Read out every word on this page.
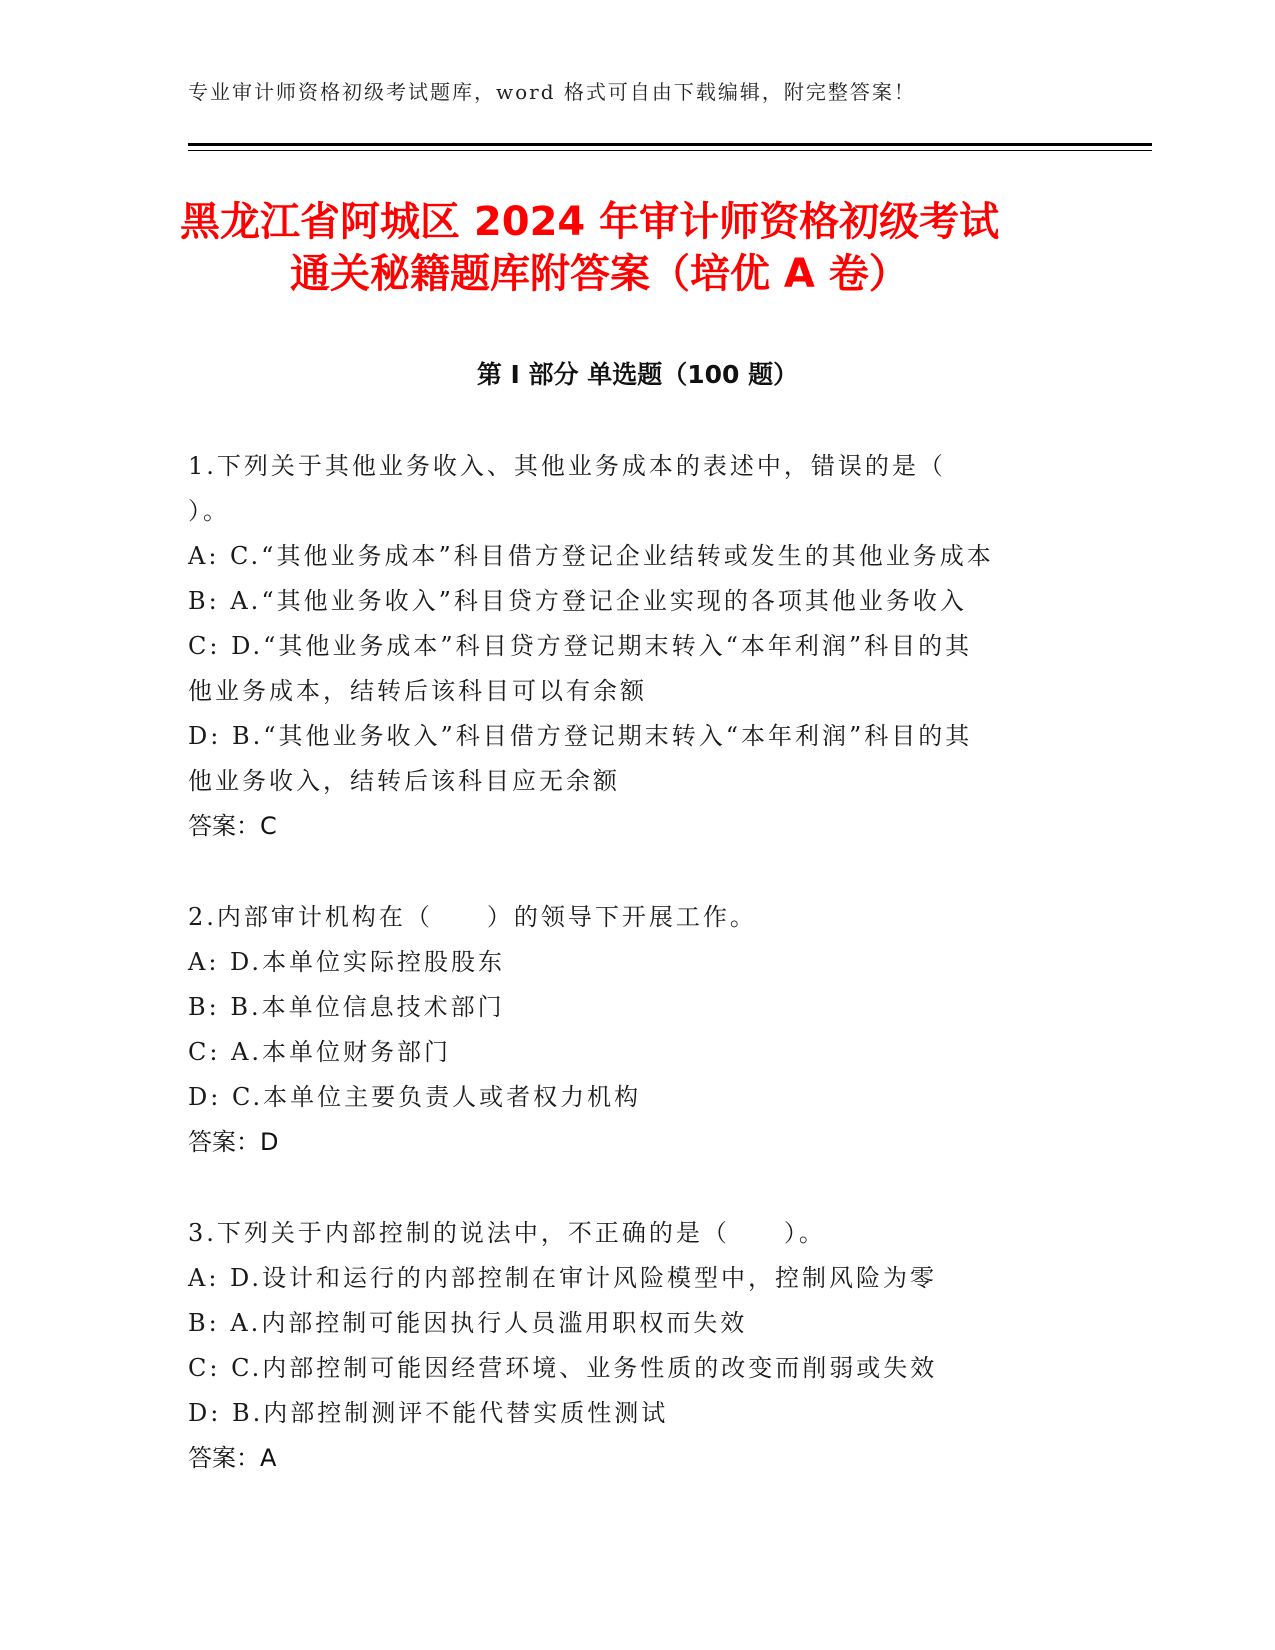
专业审计师资格初级考试题库，word 格式可自由下载编辑，附完整答案！
黑龙江省阿城区 2024 年审计师资格初级考试
通关秘籍题库附答案（培优 A 卷）
第 I 部分 单选题（100 题）
1.下列关于其他业务收入、其他业务成本的表述中，错误的是（
）。
A: C.“其他业务成本”科目借方登记企业结转或发生的其他业务成本
B: A.“其他业务收入”科目贷方登记企业实现的各项其他业务收入
C: D.“其他业务成本”科目贷方登记期末转入“本年利润”科目的其
他业务成本，结转后该科目可以有余额
D: B.“其他业务收入”科目借方登记期末转入“本年利润”科目的其
他业务收入，结转后该科目应无余额
答案：C
2.内部审计机构在（　　）的领导下开展工作。
A: D.本单位实际控股股东
B: B.本单位信息技术部门
C: A.本单位财务部门
D: C.本单位主要负责人或者权力机构
答案：D
3.下列关于内部控制的说法中，不正确的是（　　）。
A: D.设计和运行的内部控制在审计风险模型中，控制风险为零
B: A.内部控制可能因执行人员滥用职权而失效
C: C.内部控制可能因经营环境、业务性质的改变而削弱或失效
D: B.内部控制测评不能代替实质性测试
答案：A
